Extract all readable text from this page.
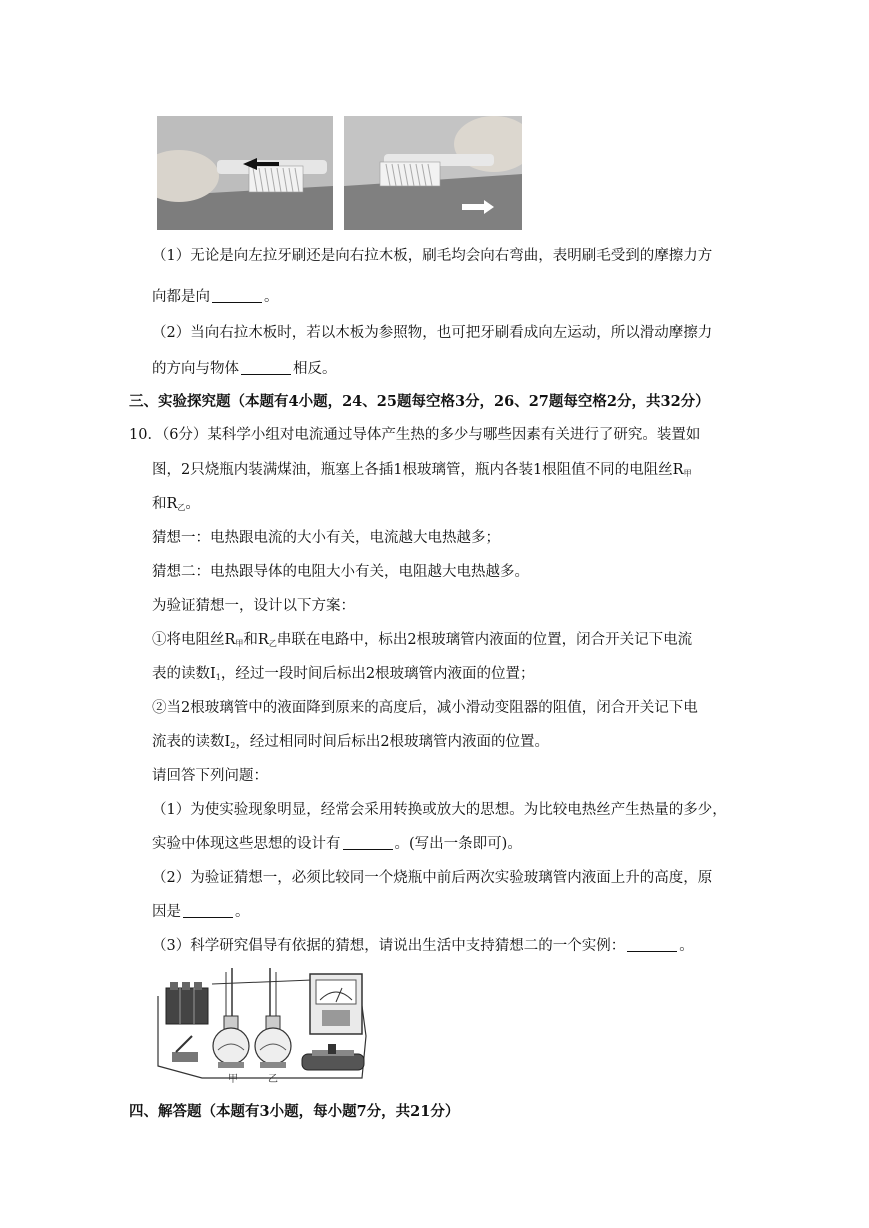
（1）无论是向左拉牙刷还是向右拉木板，刷毛均会向右弯曲，表明刷毛受到的摩擦力方
向都是向	。
（2）当向右拉木板时，若以木板为参照物，也可把牙刷看成向左运动，所以滑动摩擦力
的方向与物体	相反。
三、实验探究题（本题有4小题，24、25题每空格3分，26、27题每空格2分，共32分）
10．（6分）某科学小组对电流通过导体产生热的多少与哪些因素有关进行了研究。装置如
图，2只烧瓶内装满煤油，瓶塞上各插1根玻璃管，瓶内各装1根阻值不同的电阻丝$R_甲$
和$R_乙$。
猜想一：电热跟电流的大小有关，电流越大电热越多；
猜想二：电热跟导体的电阻大小有关，电阻越大电热越多。
为验证猜想一，设计以下方案：
①将电阻丝$R_甲$和$R_乙$串联在电路中，标出2根玻璃管内液面的位置，闭合开关记下电流
表的读数$I_1$，经过一段时间后标出2根玻璃管内液面的位置；
②当2根玻璃管中的液面降到原来的高度后，减小滑动变阻器的阻值，闭合开关记下电
流表的读数$I_2$，经过相同时间后标出2根玻璃管内液面的位置。
请回答下列问题：
（1）为使实验现象明显，经常会采用转换或放大的思想。为比较电热丝产生热量的多少，
实验中体现这些思想的设计有	。(写出一条即可)。
（2）为验证猜想一，必须比较同一个烧瓶中前后两次实验玻璃管内液面上升的高度，原
因是	。
（3）科学研究倡导有依据的猜想，请说出生活中支持猜想二的一个实例：	。
甲	乙
四、解答题（本题有3小题，每小题7分，共21分）
